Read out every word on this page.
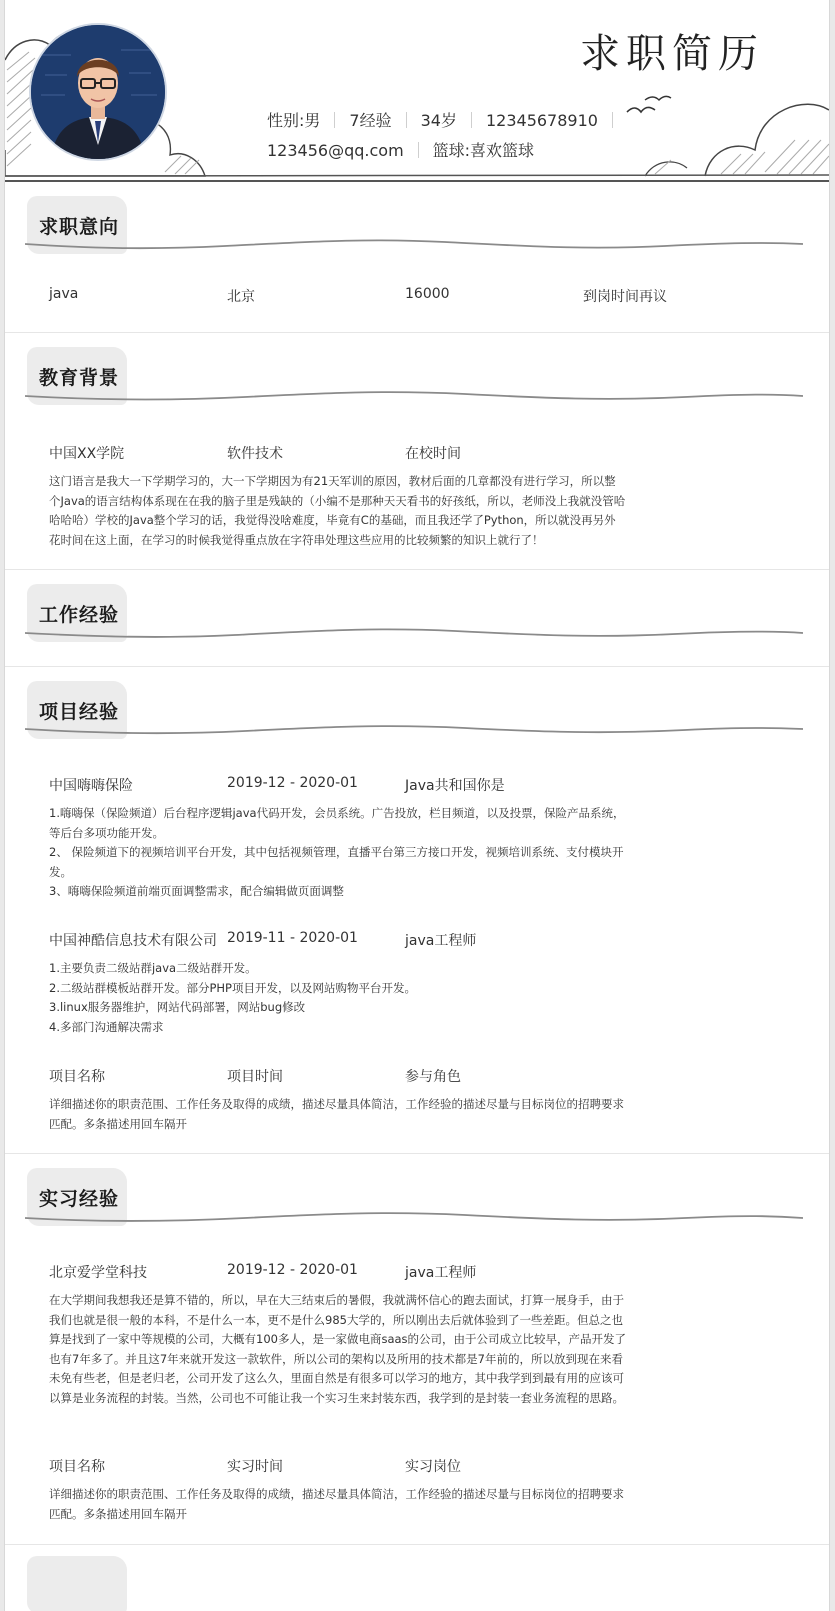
求职简历
性别:男 7经验 34岁 12345678910
123456@qq.com 篮球:喜欢篮球
求职意向
java	北京	16000	到岗时间再议
教育背景
中国XX学院	软件技术	在校时间
这门语言是我大一下学期学习的，大一下学期因为有21天军训的原因，教材后面的几章都没有进行学习，所以整个Java的语言结构体系现在在我的脑子里是残缺的（小编不是那种天天看书的好孩纸，所以，老师没上我就没管哈哈哈哈）学校的Java整个学习的话，我觉得没啥难度，毕竟有C的基础，而且我还学了Python，所以就没再另外花时间在这上面，在学习的时候我觉得重点放在字符串处理这些应用的比较频繁的知识上就行了！
工作经验
项目经验
中国嗨嗨保险	2019-12 - 2020-01	Java共和国你是

1.嗨嗨保（保险频道）后台程序逻辑java代码开发，会员系统。广告投放，栏目频道，以及投票，保险产品系统，等后台多项功能开发。

2、 保险频道下的视频培训平台开发，其中包括视频管理，直播平台第三方接口开发，视频培训系统、支付模块开发。

3、嗨嗨保险频道前端页面调整需求，配合编辑做页面调整

中国神酷信息技术有限公司 2019-11 - 2020-01	java工程师

1.主要负责二级站群java二级站群开发。

2.二级站群模板站群开发。部分PHP项目开发，以及网站购物平台开发。

3.linux服务器维护，网站代码部署，网站bug修改

4.多部门沟通解决需求

项目名称	项目时间	参与角色

详细描述你的职责范围、工作任务及取得的成绩，描述尽量具体简洁，工作经验的描述尽量与目标岗位的招聘要求匹配。多条描述用回车隔开

实习经验
北京爱学堂科技	2019-12 - 2020-01	java工程师

在大学期间我想我还是算不错的，所以，早在大三结束后的暑假，我就满怀信心的跑去面试，打算一展身手，由于我们也就是很一般的本科，不是什么一本，更不是什么985大学的，所以刚出去后就体验到了一些差距。但总之也算是找到了一家中等规模的公司，大概有100多人，是一家做电商saas的公司，由于公司成立比较早，产品开发了也有7年多了。并且这7年来就开发这一款软件，所以公司的架构以及所用的技术都是7年前的，所以放到现在来看未免有些老，但是老归老，公司开发了这么久，里面自然是有很多可以学习的地方，其中我学到到最有用的应该可以算是业务流程的封装。当然，公司也不可能让我一个实习生来封装东西，我学到的是封装一套业务流程的思路。

项目名称	实习时间	实习岗位

详细描述你的职责范围、工作任务及取得的成绩，描述尽量具体简洁，工作经验的描述尽量与目标岗位的招聘要求匹配。多条描述用回车隔开
